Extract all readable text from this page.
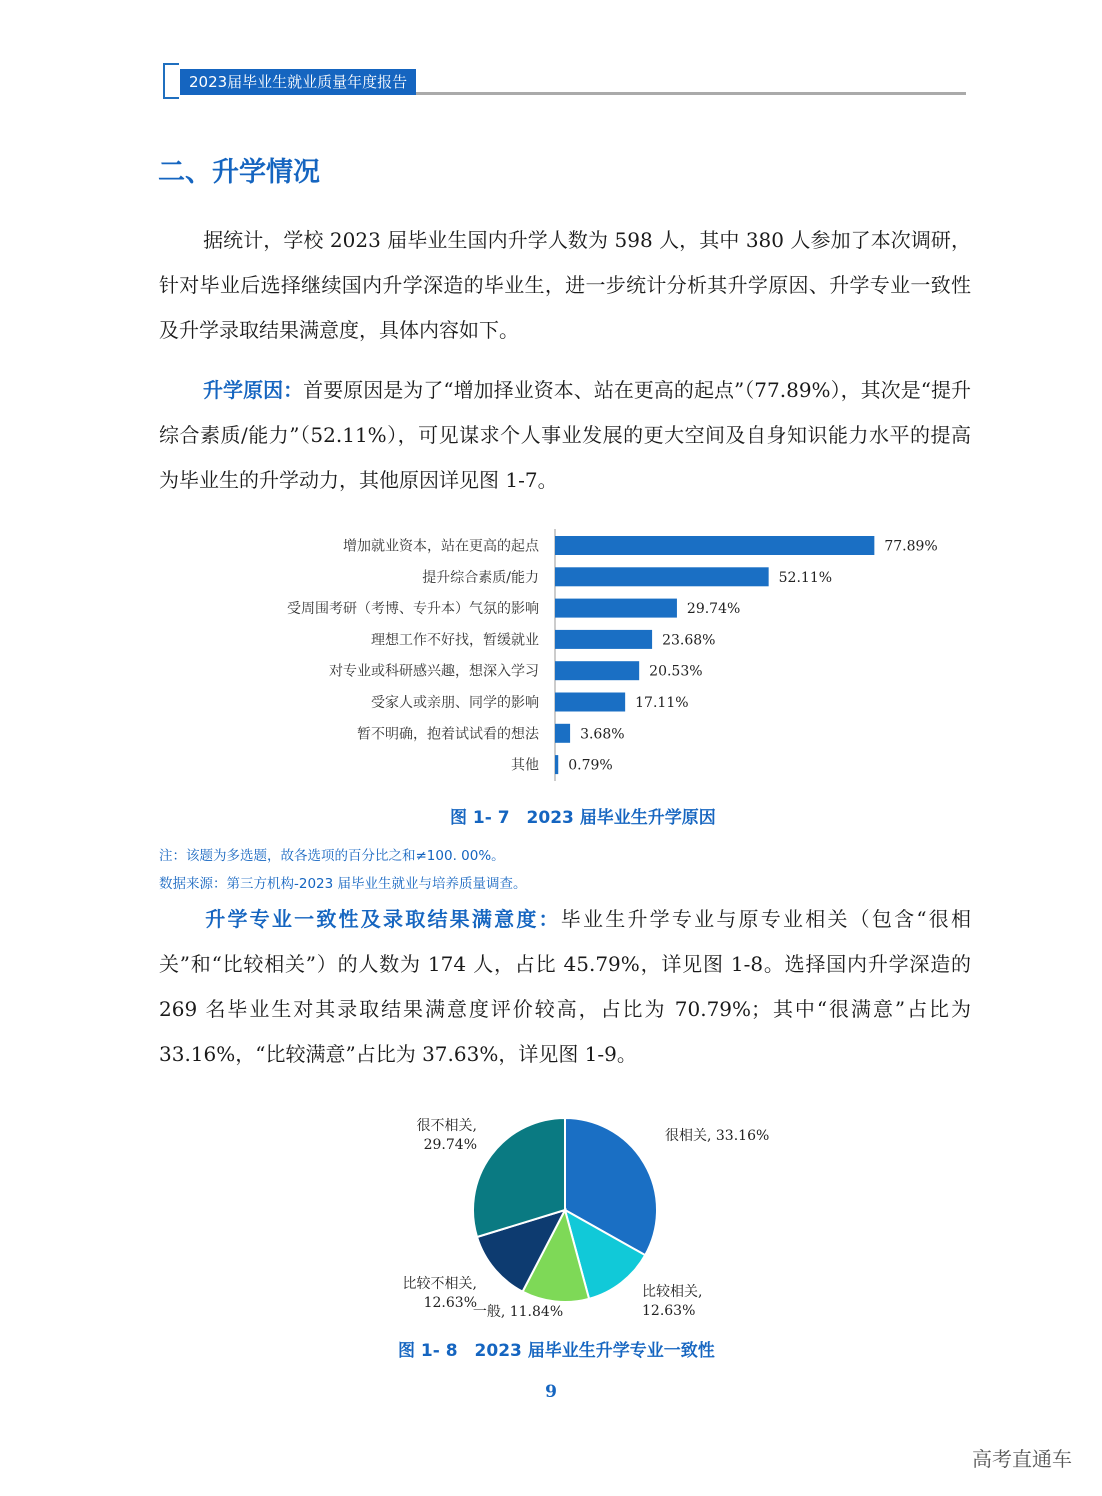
2023届毕业生就业质量年度报告
二、升学情况

据统计，学校 2023 届毕业生国内升学人数为 598 人，其中 380 人参加了本次调研，针对毕业后选择继续国内升学深造的毕业生，进一步统计分析其升学原因、升学专业一致性及升学录取结果满意度，具体内容如下。

升学原因：首要原因是为了“增加择业资本、站在更高的起点”（77.89%），其次是“提升综合素质/能力”（52.11%），可见谋求个人事业发展的更大空间及自身知识能力水平的提高为毕业生的升学动力，其他原因详见图 1-7。

增加就业资本，站在更高的起点	77.89%
提升综合素质/能力	52.11%
受周围考研（考博、专升本）气氛的影响	29.74%
理想工作不好找，暂缓就业	23.68%
对专业或科研感兴趣，想深入学习	20.53%
受家人或亲朋、同学的影响	17.11%
暂不明确，抱着试试看的想法	3.68%
其他 0.79%

图 1- 7　2023 届毕业生升学原因

注：该题为多选题，故各选项的百分比之和≠100. 00%。

数据来源：第三方机构-2023 届毕业生就业与培养质量调查。

升学专业一致性及录取结果满意度：毕业生升学专业与原专业相关（包含“很相关”和“比较相关”）的人数为 174 人，占比 45.79%，详见图 1-8。选择国内升学深造的 269 名毕业生对其录取结果满意度评价较高，占比为 70.79%；其中“很满意”占比为 33.16%，“比较满意”占比为 37.63%，详见图 1-9。

很相关, 33.16%
比较相关, 12.63%
一般, 11.84%
比较不相关, 12.63%
很不相关, 29.74%

图 1- 8　2023 届毕业生升学专业一致性

9

高考直通车
